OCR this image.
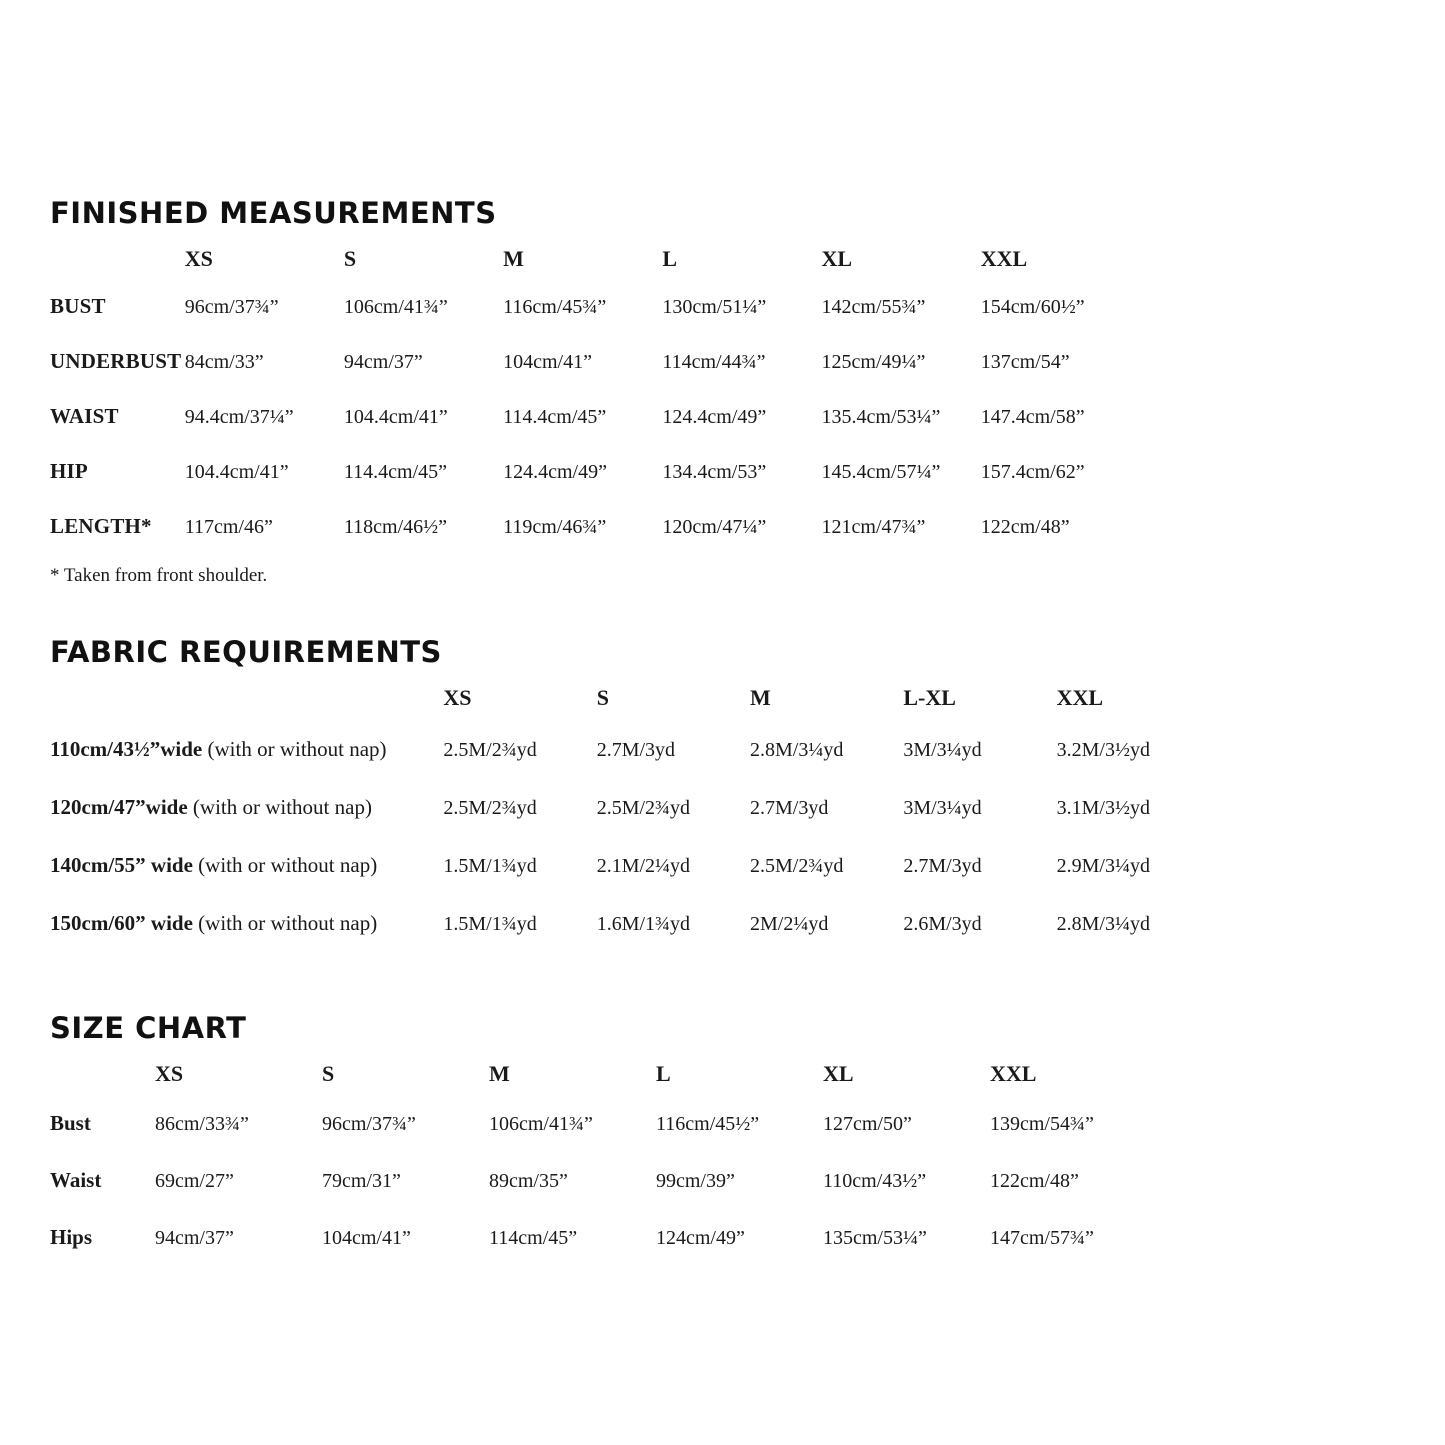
FINISHED MEASUREMENTS
	XS	S	M	L	XL	XXL
BUST	96cm/37¾”	106cm/41¾”	116cm/45¾”	130cm/51¼”	142cm/55¾”	154cm/60½”
UNDERBUST	84cm/33”	94cm/37”	104cm/41”	114cm/44¾”	125cm/49¼”	137cm/54”
WAIST	94.4cm/37¼”	104.4cm/41”	114.4cm/45”	124.4cm/49”	135.4cm/53¼”	147.4cm/58”
HIP	104.4cm/41”	114.4cm/45”	124.4cm/49”	134.4cm/53”	145.4cm/57¼”	157.4cm/62”
LENGTH*	117cm/46”	118cm/46½”	119cm/46¾”	120cm/47¼”	121cm/47¾”	122cm/48”

* Taken from front shoulder.

FABRIC REQUIREMENTS
	XS	S	M	L-XL	XXL
110cm/43½”wide (with or without nap)	2.5M/2¾yd	2.7M/3yd	2.8M/3¼yd	3M/3¼yd	3.2M/3½yd
120cm/47”wide (with or without nap)	2.5M/2¾yd	2.5M/2¾yd	2.7M/3yd	3M/3¼yd	3.1M/3½yd
140cm/55” wide (with or without nap)	1.5M/1¾yd	2.1M/2¼yd	2.5M/2¾yd	2.7M/3yd	2.9M/3¼yd
150cm/60” wide (with or without nap)	1.5M/1¾yd	1.6M/1¾yd	2M/2¼yd	2.6M/3yd	2.8M/3¼yd
SIZE CHART
	XS	S	M	L	XL	XXL
Bust	86cm/33¾”	96cm/37¾”	106cm/41¾”	116cm/45½”	127cm/50”	139cm/54¾”
Waist	69cm/27”	79cm/31”	89cm/35”	99cm/39”	110cm/43½”	122cm/48”
Hips	94cm/37”	104cm/41”	114cm/45”	124cm/49”	135cm/53¼”	147cm/57¾”
